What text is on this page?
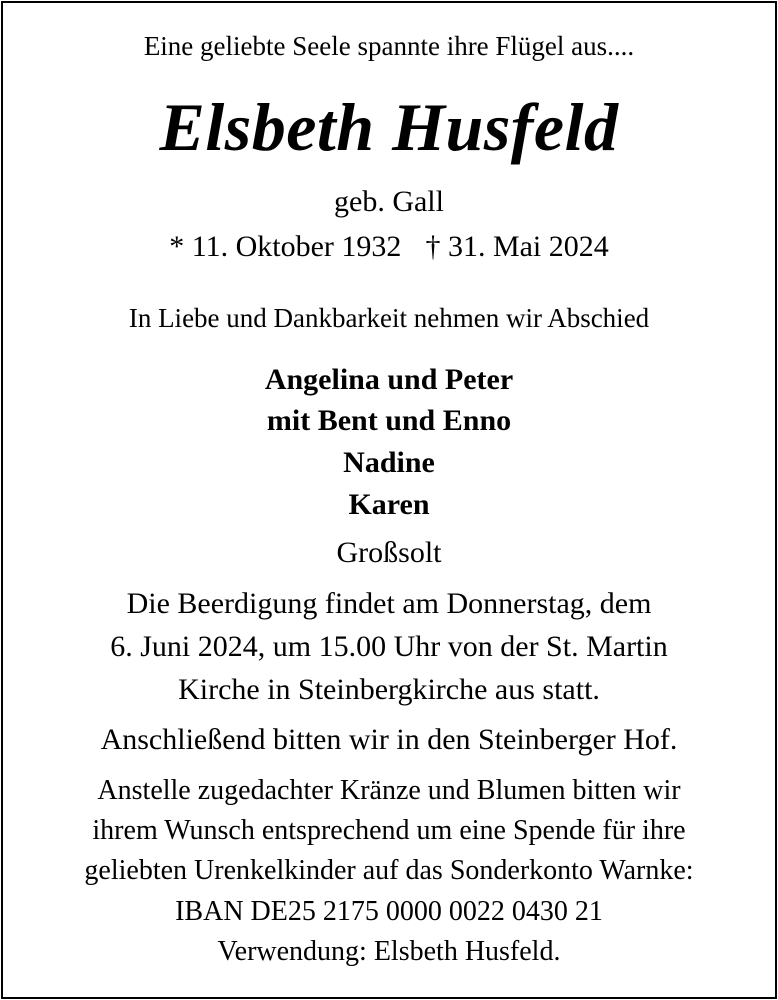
Eine geliebte Seele spannte ihre Flügel aus....
Elsbeth Husfeld
geb. Gall
* 11. Oktober 1932 † 31. Mai 2024
In Liebe und Dankbarkeit nehmen wir Abschied
Angelina und Peter
mit Bent und Enno
Nadine
Karen
Großsolt
Die Beerdigung findet am Donnerstag, dem
6. Juni 2024, um 15.00 Uhr von der St. Martin
Kirche in Steinbergkirche aus statt.
Anschließend bitten wir in den Steinberger Hof.
Anstelle zugedachter Kränze und Blumen bitten wir
ihrem Wunsch entsprechend um eine Spende für ihre
geliebten Urenkelkinder auf das Sonderkonto Warnke:
IBAN DE25 2175 0000 0022 0430 21
Verwendung: Elsbeth Husfeld.
